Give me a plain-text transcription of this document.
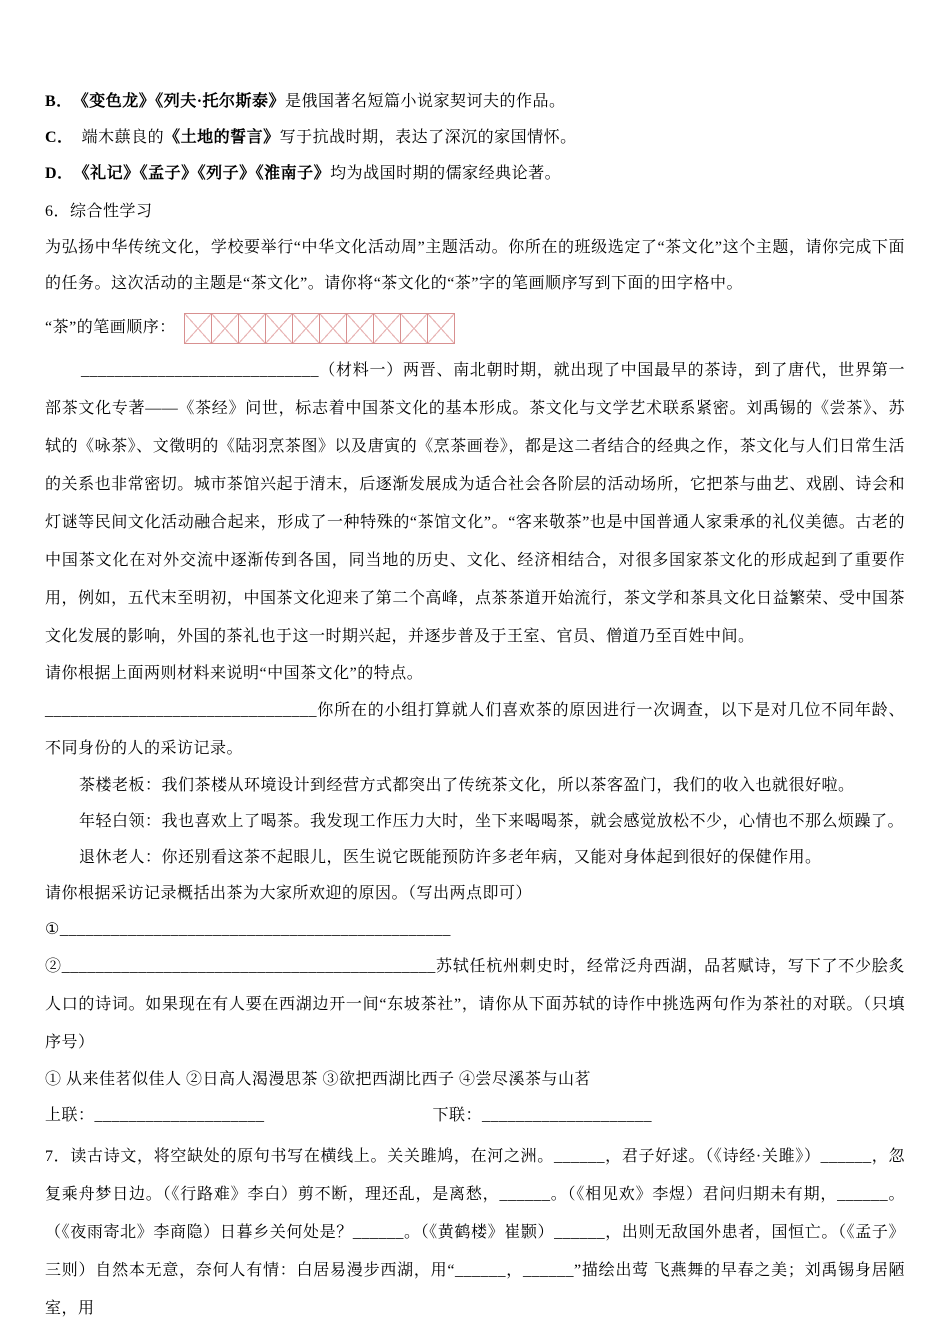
B． 《变色龙》《列夫·托尔斯泰》是俄国著名短篇小说家契诃夫的作品。

C． 端木蕻良的《土地的誓言》写于抗战时期，表达了深沉的家国情怀。

D． 《礼记》《孟子》《列子》《淮南子》均为战国时期的儒家经典论著。

6．综合性学习

为弘扬中华传统文化，学校要举行“中华文化活动周”主题活动。你所在的班级选定了“茶文化”这个主题，请你完成下面的任务。这次活动的主题是“茶文化”。请你将“茶文化的“茶”字的笔画顺序写到下面的田字格中。

“茶”的笔画顺序：

____________________________（材料一）两晋、南北朝时期，就出现了中国最早的茶诗，到了唐代，世界第一部茶文化专著——《茶经》问世，标志着中国茶文化的基本形成。茶文化与文学艺术联系紧密。刘禹锡的《尝茶》、苏轼的《咏茶》、文徵明的《陆羽烹茶图》以及唐寅的《烹茶画卷》，都是这二者结合的经典之作，茶文化与人们日常生活的关系也非常密切。城市茶馆兴起于清末，后逐渐发展成为适合社会各阶层的活动场所，它把茶与曲艺、戏剧、诗会和灯谜等民间文化活动融合起来，形成了一种特殊的“茶馆文化”。“客来敬茶”也是中国普通人家秉承的礼仪美德。古老的中国茶文化在对外交流中逐渐传到各国，同当地的历史、文化、经济相结合，对很多国家茶文化的形成起到了重要作用，例如，五代末至明初，中国茶文化迎来了第二个高峰，点茶茶道开始流行，茶文学和茶具文化日益繁荣、受中国茶文化发展的影响，外国的茶礼也于这一时期兴起，并逐步普及于王室、官员、僧道乃至百姓中间。

请你根据上面两则材料来说明“中国茶文化”的特点。

________________________________你所在的小组打算就人们喜欢茶的原因进行一次调查，以下是对几位不同年龄、不同身份的人的采访记录。

茶楼老板：我们茶楼从环境设计到经营方式都突出了传统茶文化，所以茶客盈门，我们的收入也就很好啦。

年轻白领：我也喜欢上了喝茶。我发现工作压力大时，坐下来喝喝茶，就会感觉放松不少，心情也不那么烦躁了。

退休老人：你还别看这茶不起眼儿，医生说它既能预防许多老年病，又能对身体起到很好的保健作用。

请你根据采访记录概括出茶为大家所欢迎的原因。（写出两点即可）

①______________________________________________

②____________________________________________苏轼任杭州刺史时，经常泛舟西湖，品茗赋诗，写下了不少脍炙人口的诗词。如果现在有人要在西湖边开一间“东坡茶社”，请你从下面苏轼的诗作中挑选两句作为茶社的对联。（只填序号）

① 从来佳茗似佳人 ②日高人渴漫思茶 ③欲把西湖比西子 ④尝尽溪茶与山茗

上联：____________________	下联：____________________

7．读古诗文，将空缺处的原句书写在横线上。关关雎鸠，在河之洲。______，君子好逑。（《诗经·关雎》）______，忽复乘舟梦日边。（《行路难》李白）剪不断，理还乱，是离愁，______。（《相见欢》李煜）君问归期未有期，______。（《夜雨寄北》李商隐）日暮乡关何处是？______。（《黄鹤楼》崔颢）______，出则无敌国外患者，国恒亡。（《孟子》三则）自然本无意，奈何人有情：白居易漫步西湖，用“______，______”描绘出莺 飞燕舞的早春之美；刘禹锡身居陋室，用
